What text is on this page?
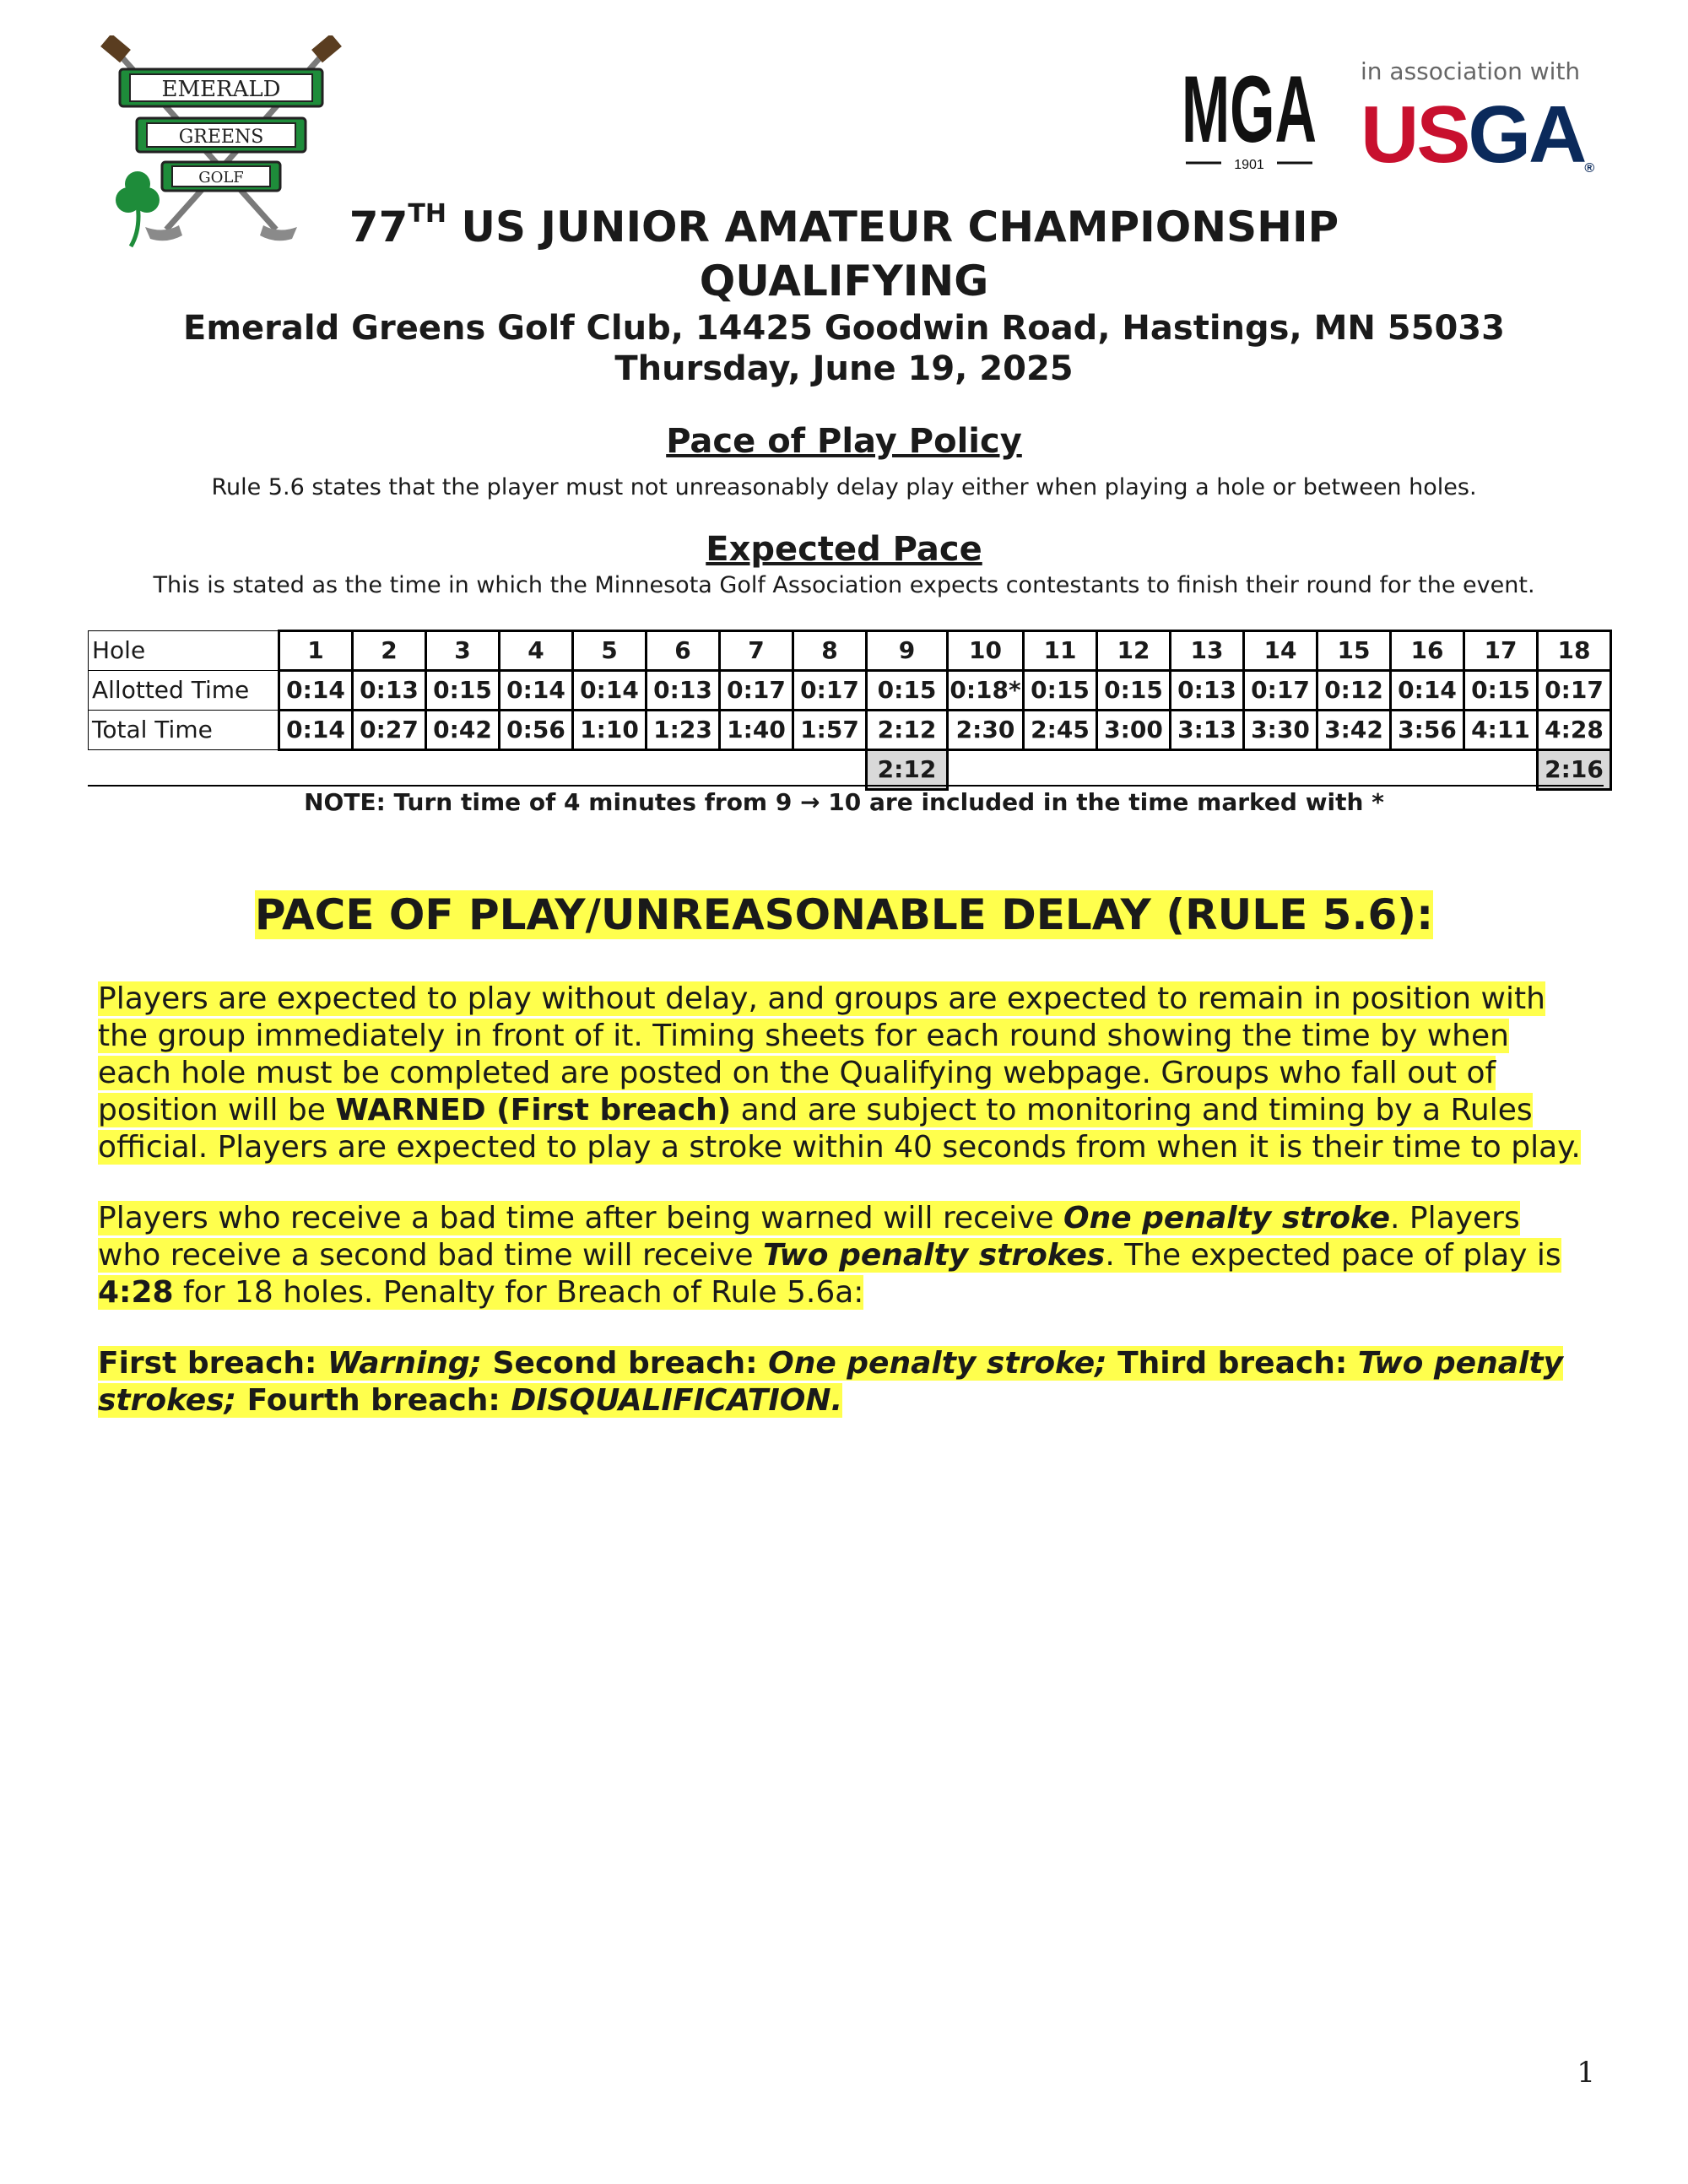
EMERALD
GREENS
GOLF
MGA
1901
in association with
USGA®
77TH US JUNIOR AMATEUR CHAMPIONSHIP
QUALIFYING
Emerald Greens Golf Club, 14425 Goodwin Road, Hastings, MN 55033
Thursday, June 19, 2025
Pace of Play Policy
Rule 5.6 states that the player must not unreasonably delay play either when playing a hole or between holes.
Expected Pace
This is stated as the time in which the Minnesota Golf Association expects contestants to finish their round for the event.
Hole	1	2	3	4	5	6	7	8	9	10	11	12	13	14	15	16	17	18
Allotted Time	0:14	0:13	0:15	0:14	0:14	0:13	0:17	0:17	0:15	0:18*	0:15	0:15	0:13	0:17	0:12	0:14	0:15	0:17
Total Time	0:14	0:27	0:42	0:56	1:10	1:23	1:40	1:57	2:12	2:30	2:45	3:00	3:13	3:30	3:42	3:56	4:11	4:28
									2:12									2:16
NOTE: Turn time of 4 minutes from 9 → 10 are included in the time marked with *
PACE OF PLAY/UNREASONABLE DELAY (RULE 5.6):
Players are expected to play without delay, and groups are expected to remain in position with the group immediately in front of it. Timing sheets for each round showing the time by when each hole must be completed are posted on the Qualifying webpage. Groups who fall out of position will be WARNED (First breach) and are subject to monitoring and timing by a Rules official. Players are expected to play a stroke within 40 seconds from when it is their time to play.
Players who receive a bad time after being warned will receive One penalty stroke. Players who receive a second bad time will receive Two penalty strokes. The expected pace of play is 4:28 for 18 holes. Penalty for Breach of Rule 5.6a:
First breach: Warning; Second breach: One penalty stroke; Third breach: Two penalty strokes; Fourth breach: DISQUALIFICATION.
1
